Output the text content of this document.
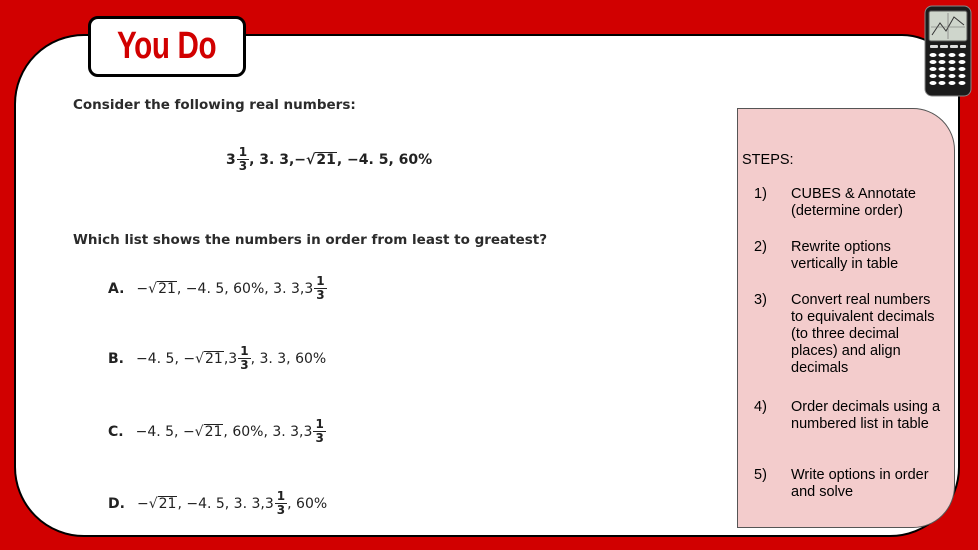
You Do
Consider the following real numbers:
$3 \frac{1}{3}$ , 3. 3, − √ 21 , −4. 5, 60%
Which list shows the numbers in order from least to greatest?
A. − √ 21 , −4. 5, 60%, 3. 3, $3 \frac{1}{3}$
B. −4. 5, − √ 21 , $3 \frac{1}{3}$ , 3. 3, 60%
C. −4. 5, − √ 21 , 60%, 3. 3, $3 \frac{1}{3}$
D. − √ 21 , −4. 5, 3. 3, $3 \frac{1}{3}$ , 60%
STEPS:
1)	CUBES & Annotate (determine order)
2)	Rewrite options vertically in table
3)	Convert real numbers to equivalent decimals (to three decimal places) and align decimals
4)	Order decimals using a numbered list in table
5)	Write options in order and solve
